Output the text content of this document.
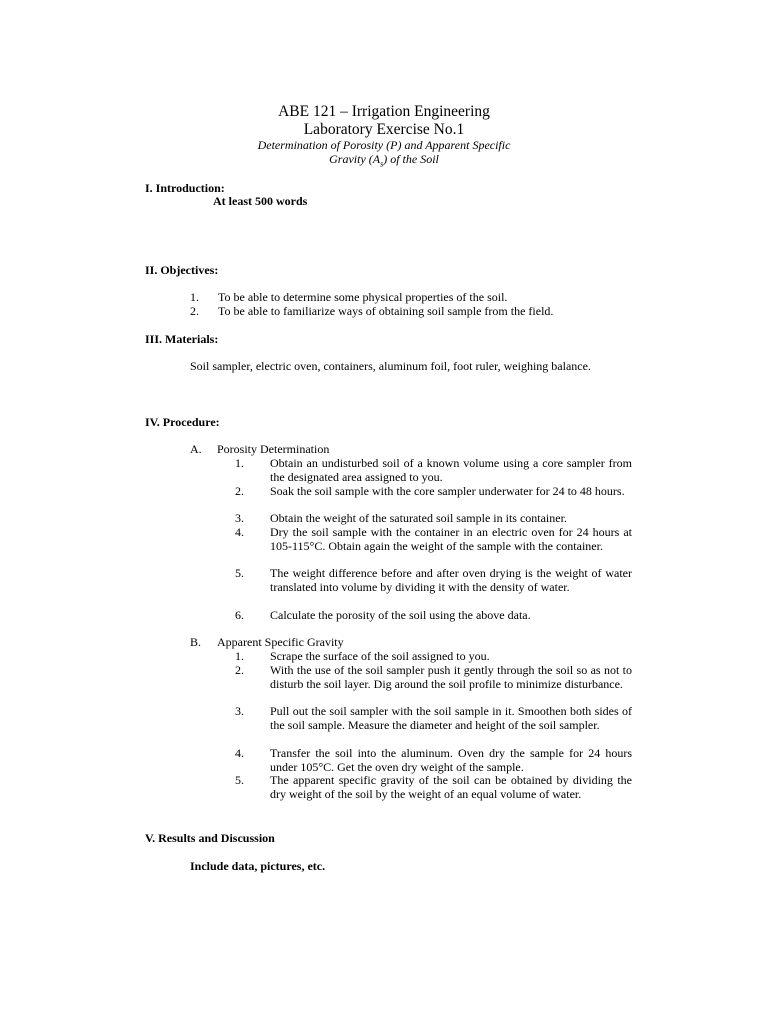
ABE 121 – Irrigation Engineering
Laboratory Exercise No.1
Determination of Porosity (P) and Apparent Specific
Gravity $(A_s)$ of the Soil
I. Introduction:
At least 500 words
II. Objectives:
1. To be able to determine some physical properties of the soil.
2. To be able to familiarize ways of obtaining soil sample from the field.
III. Materials:

Soil sampler, electric oven, containers, aluminum foil, foot ruler, weighing balance.

IV. Procedure:
A. Porosity Determination
1. Obtain an undisturbed soil of a known volume using a core sampler from the designated area assigned to you.
2. Soak the soil sample with the core sampler underwater for 24 to 48 hours.
3. Obtain the weight of the saturated soil sample in its container.
4. Dry the soil sample with the container in an electric oven for 24 hours at 105-115°C. Obtain again the weight of the sample with the container.
5. The weight difference before and after oven drying is the weight of water translated into volume by dividing it with the density of water.
6. Calculate the porosity of the soil using the above data.
B. Apparent Specific Gravity
1. Scrape the surface of the soil assigned to you.
2. With the use of the soil sampler push it gently through the soil so as not to disturb the soil layer. Dig around the soil profile to minimize disturbance.
3. Pull out the soil sampler with the soil sample in it. Smoothen both sides of the soil sample. Measure the diameter and height of the soil sampler.
4. Transfer the soil into the aluminum. Oven dry the sample for 24 hours under 105°C. Get the oven dry weight of the sample.
5. The apparent specific gravity of the soil can be obtained by dividing the dry weight of the soil by the weight of an equal volume of water.
V. Results and Discussion
Include data, pictures, etc.
